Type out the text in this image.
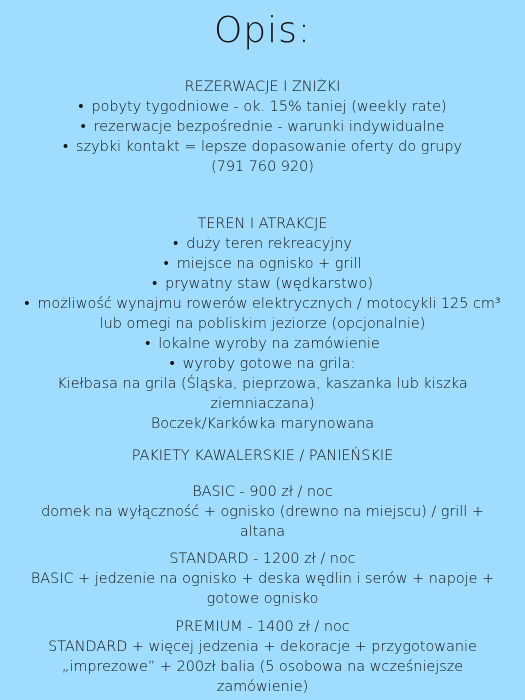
Opis:
REZERWACJE I ZNIŻKI
• pobyty tygodniowe - ok. 15% taniej (weekly rate)
• rezerwacje bezpośrednie - warunki indywidualne
• szybki kontakt = lepsze dopasowanie oferty do grupy
(791 760 920)
TEREN I ATRAKCJE
• duży teren rekreacyjny
• miejsce na ognisko + grill
• prywatny staw (wędkarstwo)
• możliwość wynajmu rowerów elektrycznych / motocykli 125 cm³ lub omegi na pobliskim jeziorze (opcjonalnie)
• lokalne wyroby na zamówienie
• wyroby gotowe na grila:
Kiełbasa na grila (Śląska, pieprzowa, kaszanka lub kiszka
ziemniaczana)
Boczek/Karkówka marynowana
PAKIETY KAWALERSKIE / PANIEŃSKIE
BASIC - 900 zł / noc
domek na wyłączność + ognisko (drewno na miejscu) / grill + altana
STANDARD - 1200 zł / noc
BASIC + jedzenie na ognisko + deska wędlin i serów + napoje + gotowe ognisko
PREMIUM - 1400 zł / noc
STANDARD + więcej jedzenia + dekoracje + przygotowanie „imprezowe” + 200zł balia (5 osobowa na wcześniejsze zamówienie)
